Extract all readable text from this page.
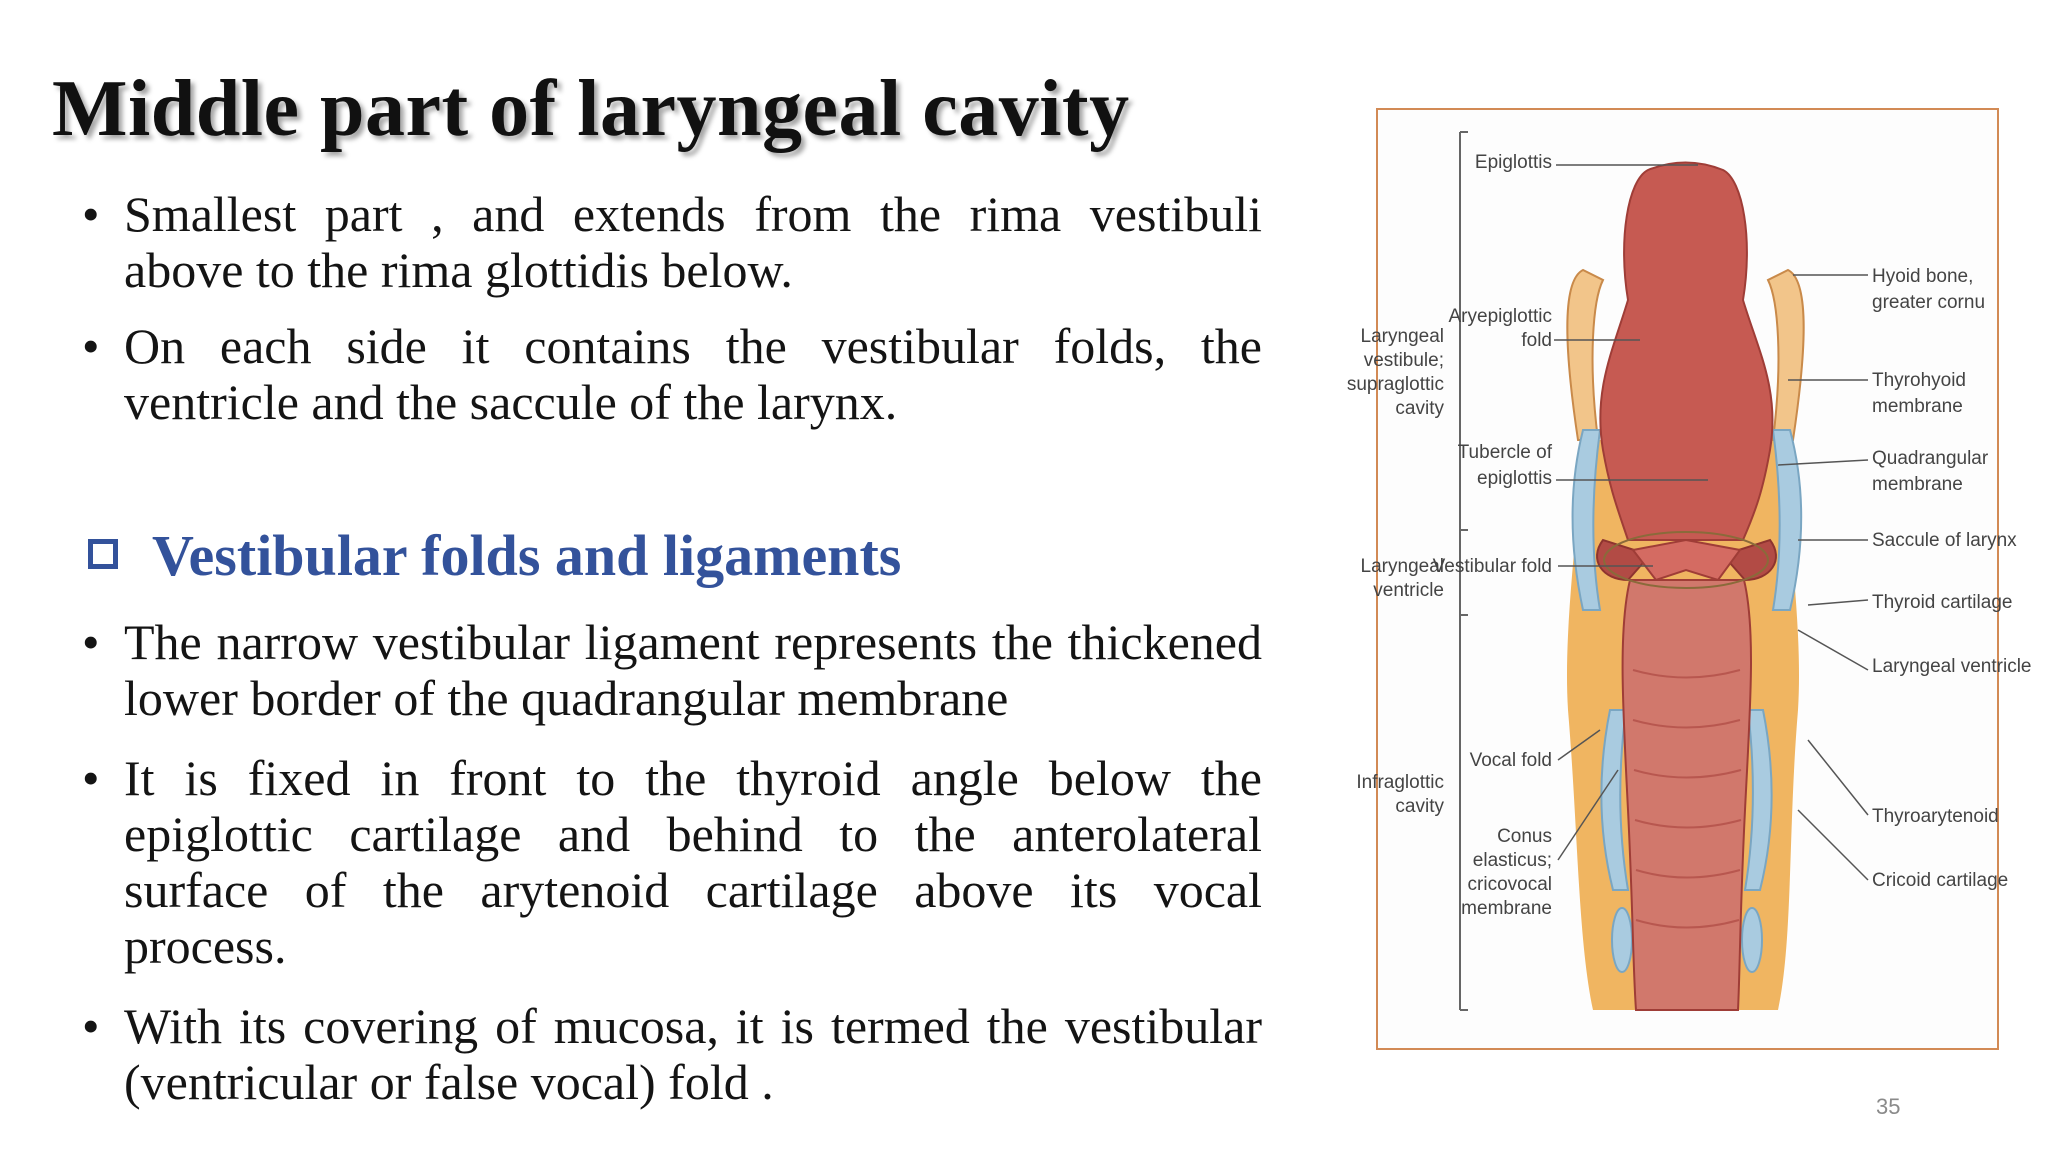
Middle part of laryngeal cavity

• Smallest part , and extends from the rima vestibuli above to the rima glottidis below.

• On each side it contains the vestibular folds, the ventricle and the saccule of the larynx.

Vestibular folds and ligaments

• The narrow vestibular ligament represents the thickened lower border of the quadrangular membrane

• It is fixed in front to the thyroid angle below the epiglottic cartilage and behind to the anterolateral surface of the arytenoid cartilage above its vocal process.

• With its covering of mucosa, it is termed the vestibular (ventricular or false vocal) fold .

Laryngeal
vestibule;
supraglottic
cavity
Laryngeal
ventricle
Infraglottic
cavity
Epiglottis
Aryepiglottic
fold
Tubercle of
epiglottis
Vestibular fold
Vocal fold
Conus
elasticus;
cricovocal
membrane
Hyoid bone,
greater cornu
Thyrohyoid
membrane
Quadrangular
membrane
Saccule of larynx
Thyroid cartilage
Laryngeal ventricle
Thyroarytenoid
Cricoid cartilage
35
